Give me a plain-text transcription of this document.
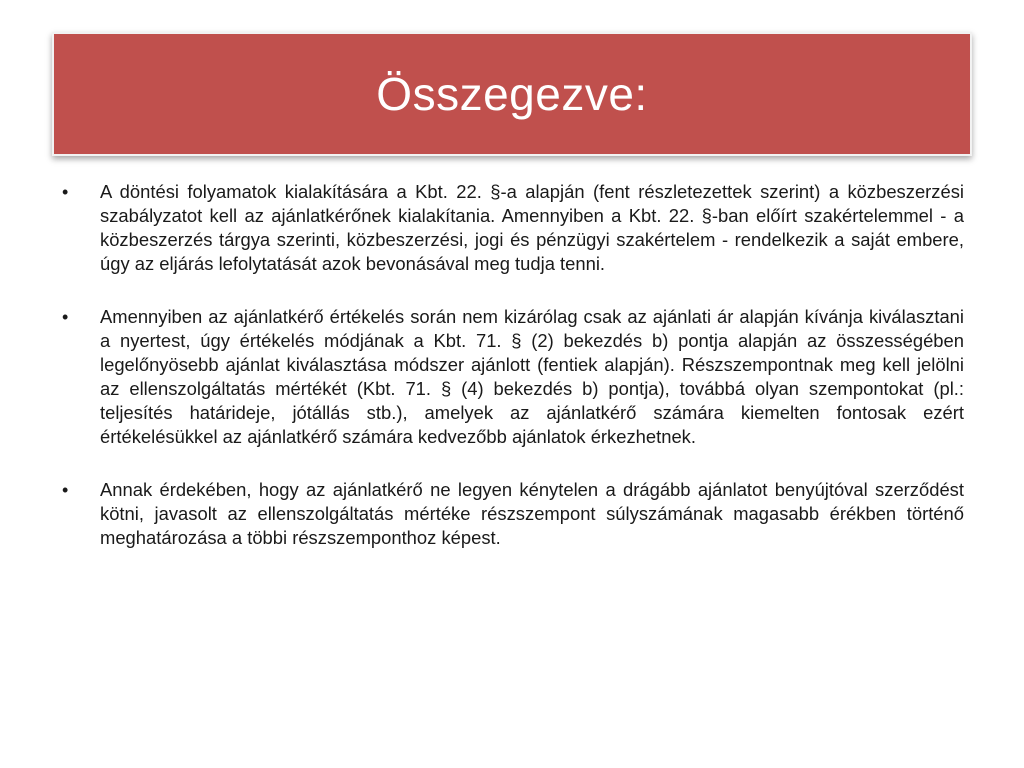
Összegezve:
• A döntési folyamatok kialakítására a Kbt. 22. §-a alapján (fent részletezettek szerint) a közbeszerzési szabályzatot kell az ajánlatkérőnek kialakítania. Amennyiben a Kbt. 22. §-ban előírt szakértelemmel - a közbeszerzés tárgya szerinti, közbeszerzési, jogi és pénzügyi szakértelem - rendelkezik a saját embere, úgy az eljárás lefolytatását azok bevonásával meg tudja tenni.
• Amennyiben az ajánlatkérő értékelés során nem kizárólag csak az ajánlati ár alapján kívánja kiválasztani a nyertest, úgy értékelés módjának a Kbt. 71. § (2) bekezdés b) pontja alapján az összességében legelőnyösebb ajánlat kiválasztása módszer ajánlott (fentiek alapján). Részszempontnak meg kell jelölni az ellenszolgáltatás mértékét (Kbt. 71. § (4) bekezdés b) pontja), továbbá olyan szempontokat (pl.: teljesítés határideje, jótállás stb.), amelyek az ajánlatkérő számára kiemelten fontosak ezért értékelésükkel az ajánlatkérő számára kedvezőbb ajánlatok érkezhetnek.
• Annak érdekében, hogy az ajánlatkérő ne legyen kénytelen a drágább ajánlatot benyújtóval szerződést kötni, javasolt az ellenszolgáltatás mértéke részszempont súlyszámának magasabb érékben történő meghatározása a többi részszemponthoz képest.
